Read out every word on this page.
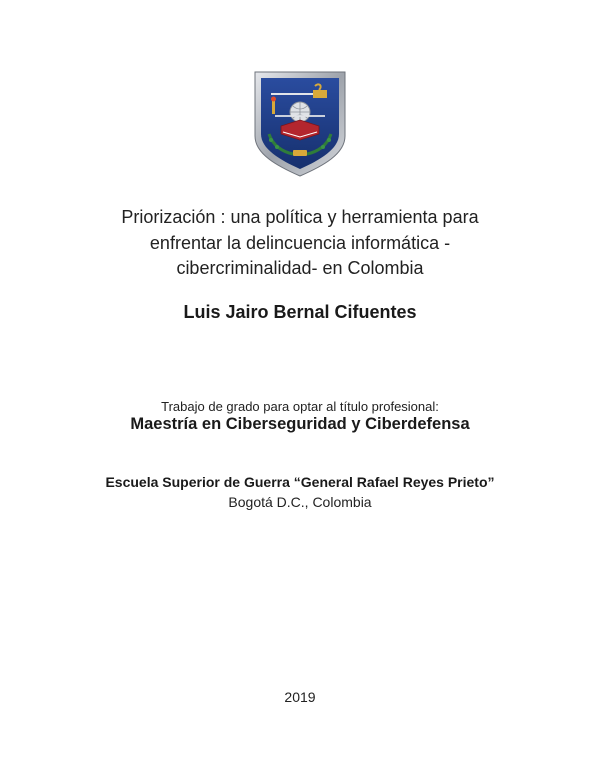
Priorización : una política y herramienta para
enfrentar la delincuencia informática -
cibercriminalidad- en Colombia

Luis Jairo Bernal Cifuentes

Trabajo de grado para optar al título profesional:

Maestría en Ciberseguridad y Ciberdefensa

Escuela Superior de Guerra “General Rafael Reyes Prieto”

Bogotá D.C., Colombia

2019
